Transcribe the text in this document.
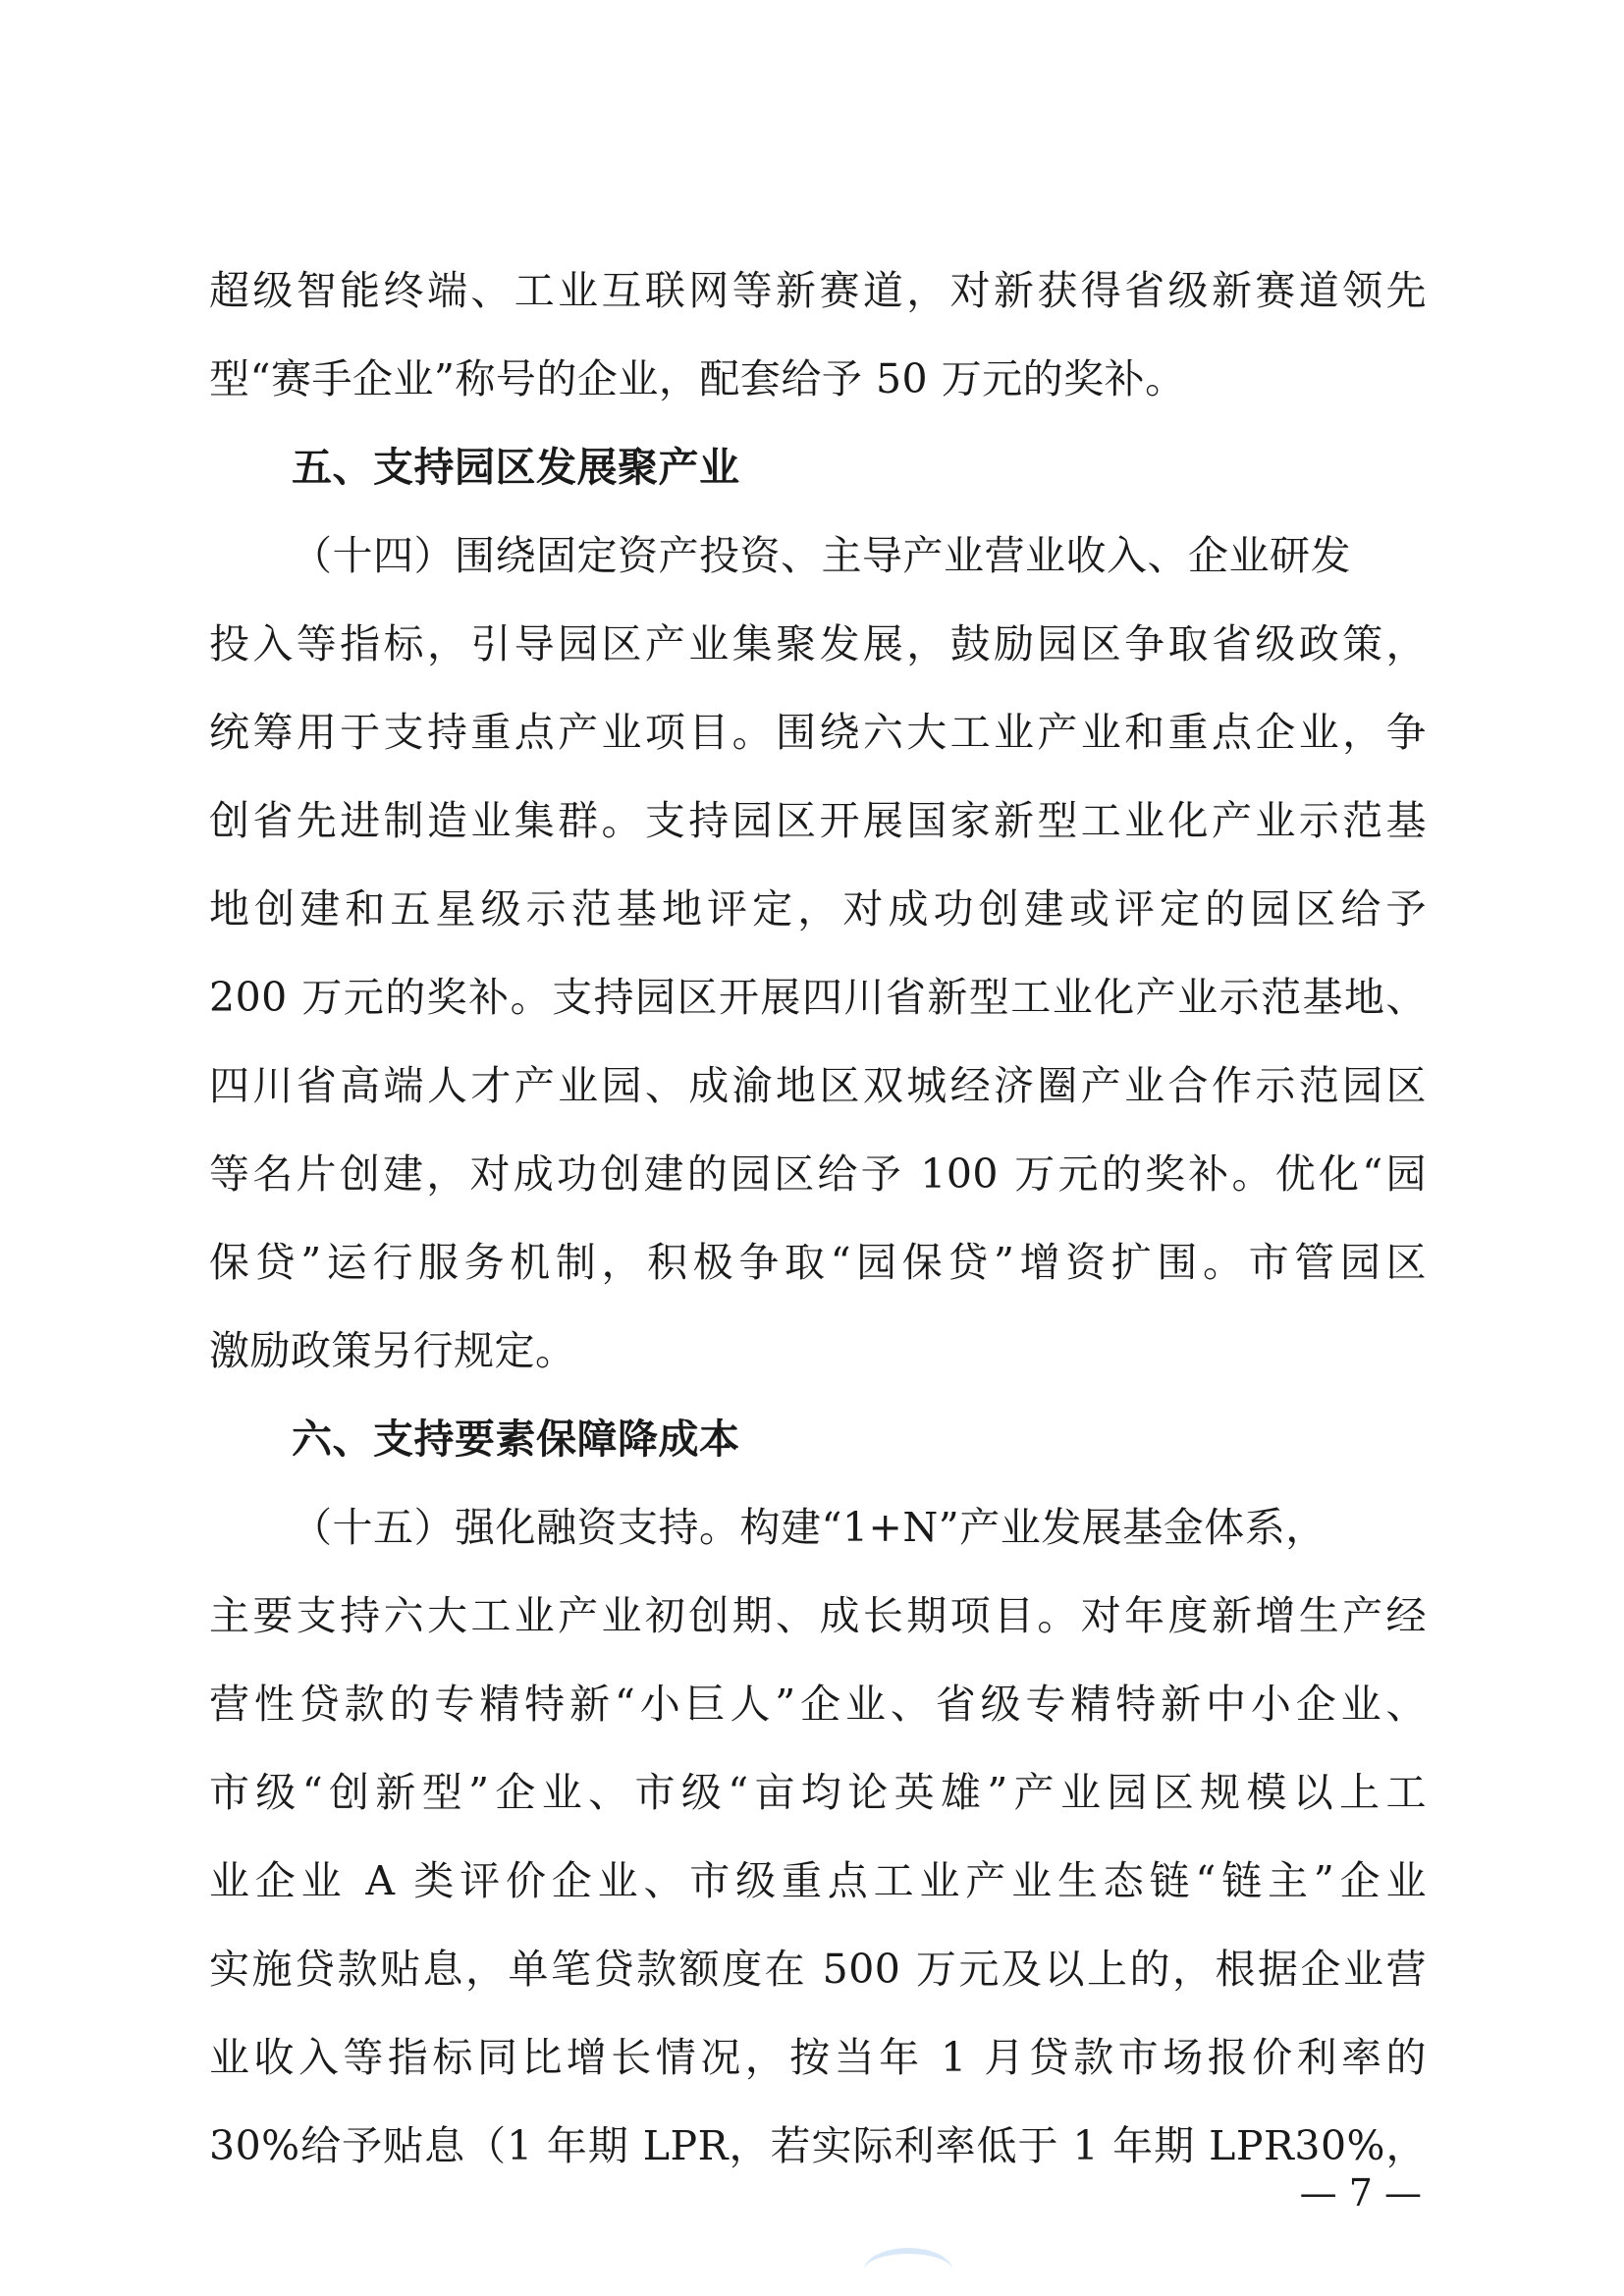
超级智能终端、工业互联网等新赛道，对新获得省级新赛道领先
型“赛手企业”称号的企业，配套给予 50 万元的奖补。
五、支持园区发展聚产业
（十四）围绕固定资产投资、主导产业营业收入、企业研发
投入等指标，引导园区产业集聚发展，鼓励园区争取省级政策，
统筹用于支持重点产业项目。围绕六大工业产业和重点企业，争
创省先进制造业集群。支持园区开展国家新型工业化产业示范基
地创建和五星级示范基地评定，对成功创建或评定的园区给予
200 万元的奖补。支持园区开展四川省新型工业化产业示范基地、
四川省高端人才产业园、成渝地区双城经济圈产业合作示范园区
等名片创建，对成功创建的园区给予 100 万元的奖补。优化“园
保贷”运行服务机制，积极争取“园保贷”增资扩围。市管园区
激励政策另行规定。
六、支持要素保障降成本
（十五）强化融资支持。构建“1+N”产业发展基金体系，
主要支持六大工业产业初创期、成长期项目。对年度新增生产经
营性贷款的专精特新“小巨人”企业、省级专精特新中小企业、
市级“创新型”企业、市级“亩均论英雄”产业园区规模以上工
业企业 A 类评价企业、市级重点工业产业生态链“链主”企业
实施贷款贴息，单笔贷款额度在 500 万元及以上的，根据企业营
业收入等指标同比增长情况，按当年 1 月贷款市场报价利率的
30%给予贴息（1 年期 LPR，若实际利率低于 1 年期 LPR30%，
— 7 —
